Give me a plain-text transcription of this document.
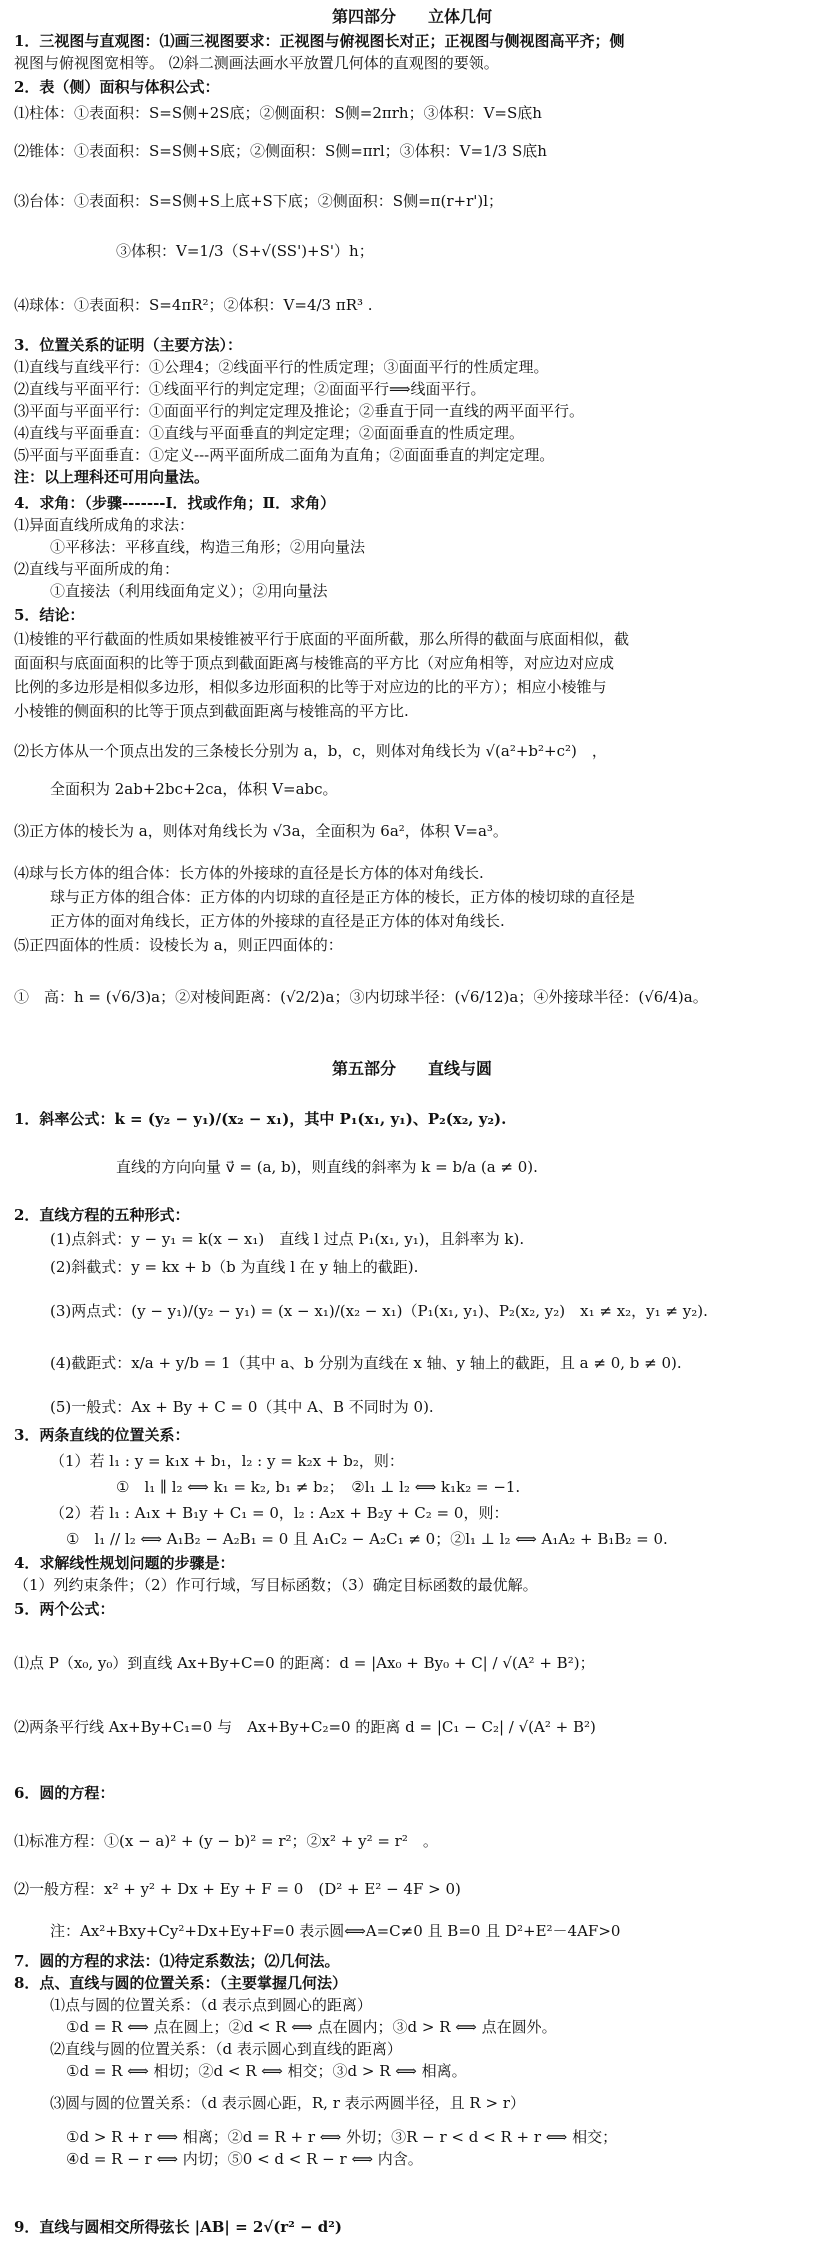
第四部分　　立体几何
1．三视图与直观图：⑴画三视图要求：正视图与俯视图长对正；正视图与侧视图高平齐；侧
视图与俯视图宽相等。 ⑵斜二测画法画水平放置几何体的直观图的要领。
2．表（侧）面积与体积公式：
⑴柱体：①表面积：S=S侧+2S底；②侧面积：S侧=2πrh；③体积：V=S底h
⑵锥体：①表面积：S=S侧+S底；②侧面积：S侧=πrl；③体积：V=1/3 S底h
⑶台体：①表面积：S=S侧+S上底+S下底；②侧面积：S侧=π(r+r')l；
③体积：V=1/3（S+√(SS')+S'）h；
⑷球体：①表面积：S=4πR²；②体积：V=4/3 πR³ .
3．位置关系的证明（主要方法）：
⑴直线与直线平行：①公理4；②线面平行的性质定理；③面面平行的性质定理。
⑵直线与平面平行：①线面平行的判定定理；②面面平行⟹线面平行。
⑶平面与平面平行：①面面平行的判定定理及推论；②垂直于同一直线的两平面平行。
⑷直线与平面垂直：①直线与平面垂直的判定定理；②面面垂直的性质定理。
⑸平面与平面垂直：①定义---两平面所成二面角为直角；②面面垂直的判定定理。
注：以上理科还可用向量法。
4．求角：（步骤-------Ⅰ．找或作角；Ⅱ．求角）
⑴异面直线所成角的求法：
①平移法：平移直线，构造三角形；②用向量法
⑵直线与平面所成的角：
①直接法（利用线面角定义）；②用向量法
5．结论：
⑴棱锥的平行截面的性质如果棱锥被平行于底面的平面所截，那么所得的截面与底面相似，截
面面积与底面面积的比等于顶点到截面距离与棱锥高的平方比（对应角相等，对应边对应成
比例的多边形是相似多边形，相似多边形面积的比等于对应边的比的平方）；相应小棱锥与
小棱锥的侧面积的比等于顶点到截面距离与棱锥高的平方比.
⑵长方体从一个顶点出发的三条棱长分别为 a，b，c，则体对角线长为 √(a²+b²+c²)　，
全面积为 2ab+2bc+2ca，体积 V=abc。
⑶正方体的棱长为 a，则体对角线长为 √3a，全面积为 6a²，体积 V=a³。
⑷球与长方体的组合体：长方体的外接球的直径是长方体的体对角线长.
球与正方体的组合体：正方体的内切球的直径是正方体的棱长，正方体的棱切球的直径是
正方体的面对角线长，正方体的外接球的直径是正方体的体对角线长.
⑸正四面体的性质：设棱长为 a，则正四面体的：
①　高：h = (√6/3)a；②对棱间距离：(√2/2)a；③内切球半径：(√6/12)a；④外接球半径：(√6/4)a。
第五部分　　直线与圆
1．斜率公式：k = (y₂ − y₁)/(x₂ − x₁)，其中 P₁(x₁, y₁)、P₂(x₂, y₂).
直线的方向向量 v⃗ = (a, b)，则直线的斜率为 k = b/a (a ≠ 0).
2．直线方程的五种形式：
(1)点斜式：y − y₁ = k(x − x₁)　直线 l 过点 P₁(x₁, y₁)，且斜率为 k).
(2)斜截式：y = kx + b（b 为直线 l 在 y 轴上的截距).
(3)两点式：(y − y₁)/(y₂ − y₁) = (x − x₁)/(x₂ − x₁)（P₁(x₁, y₁)、P₂(x₂, y₂)　x₁ ≠ x₂，y₁ ≠ y₂).
(4)截距式：x/a + y/b = 1（其中 a、b 分别为直线在 x 轴、y 轴上的截距，且 a ≠ 0, b ≠ 0).
(5)一般式：Ax + By + C = 0（其中 A、B 不同时为 0).
3．两条直线的位置关系：
（1）若 l₁ : y = k₁x + b₁，l₂ : y = k₂x + b₂，则：
①　l₁ ∥ l₂ ⟺ k₁ = k₂, b₁ ≠ b₂；　②l₁ ⊥ l₂ ⟺ k₁k₂ = −1.
（2）若 l₁ : A₁x + B₁y + C₁ = 0，l₂ : A₂x + B₂y + C₂ = 0，则：
①　l₁ // l₂ ⟺ A₁B₂ − A₂B₁ = 0 且 A₁C₂ − A₂C₁ ≠ 0；②l₁ ⊥ l₂ ⟺ A₁A₂ + B₁B₂ = 0.
4．求解线性规划问题的步骤是：
（1）列约束条件；（2）作可行域，写目标函数；（3）确定目标函数的最优解。
5．两个公式：
⑴点 P（x₀, y₀）到直线 Ax+By+C=0 的距离：d = |Ax₀ + By₀ + C| / √(A² + B²)；
⑵两条平行线 Ax+By+C₁=0 与　Ax+By+C₂=0 的距离 d = |C₁ − C₂| / √(A² + B²)
6．圆的方程：
⑴标准方程：①(x − a)² + (y − b)² = r²；②x² + y² = r²　。
⑵一般方程：x² + y² + Dx + Ey + F = 0　(D² + E² − 4F > 0)
注：Ax²+Bxy+Cy²+Dx+Ey+F=0 表示圆⟺A=C≠0 且 B=0 且 D²+E²－4AF>0
7．圆的方程的求法：⑴待定系数法；⑵几何法。
8．点、直线与圆的位置关系：（主要掌握几何法）
⑴点与圆的位置关系：（d 表示点到圆心的距离）
①d = R ⟺ 点在圆上；②d < R ⟺ 点在圆内；③d > R ⟺ 点在圆外。
⑵直线与圆的位置关系：（d 表示圆心到直线的距离）
①d = R ⟺ 相切；②d < R ⟺ 相交；③d > R ⟺ 相离。
⑶圆与圆的位置关系：（d 表示圆心距，R, r 表示两圆半径，且 R > r）
①d > R + r ⟺ 相离；②d = R + r ⟺ 外切；③R − r < d < R + r ⟺ 相交；
④d = R − r ⟺ 内切；⑤0 < d < R − r ⟺ 内含。
9．直线与圆相交所得弦长 |AB| = 2√(r² − d²)
